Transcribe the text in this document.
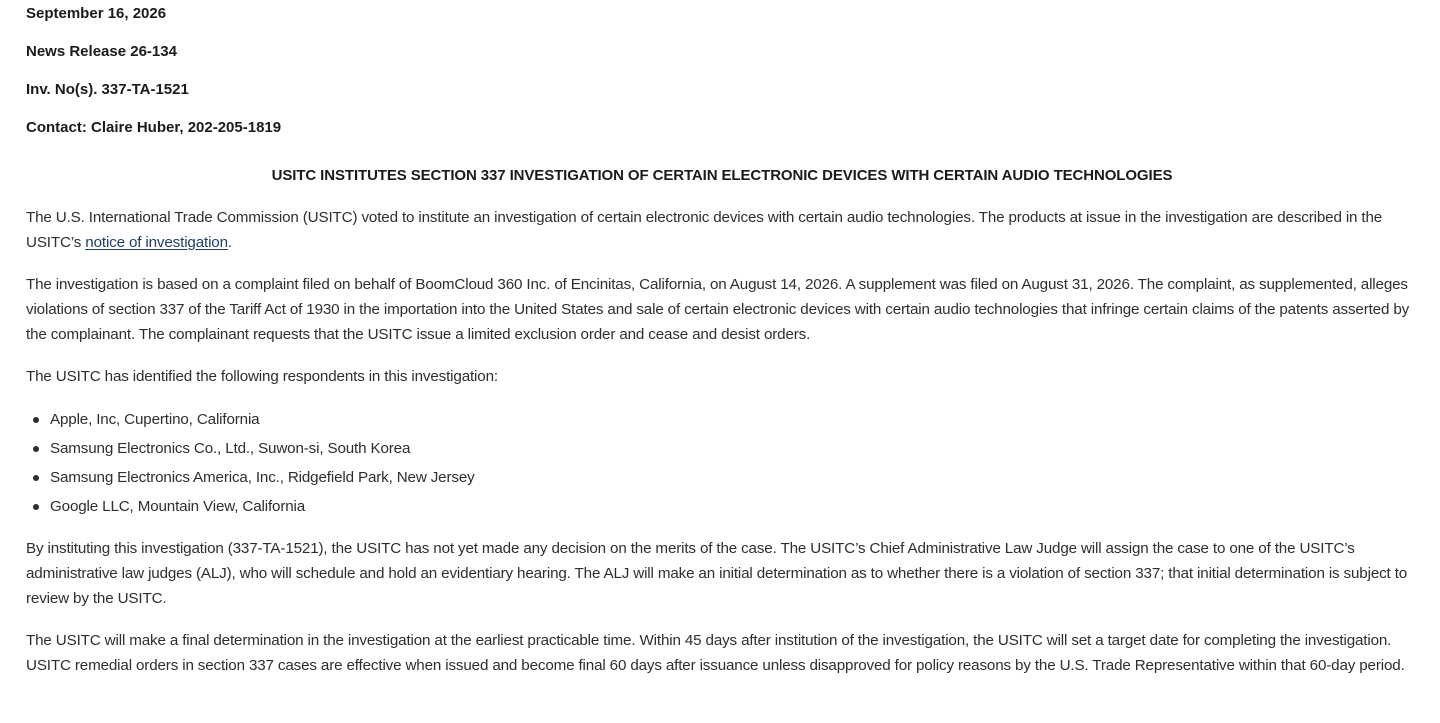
September 16, 2026

News Release 26-134

Inv. No(s). 337-TA-1521

Contact: Claire Huber, 202-205-1819

USITC INSTITUTES SECTION 337 INVESTIGATION OF CERTAIN ELECTRONIC DEVICES WITH CERTAIN AUDIO TECHNOLOGIES

The U.S. International Trade Commission (USITC) voted to institute an investigation of certain electronic devices with certain audio technologies. The products at issue in the investigation are described in the USITC’s notice of investigation.

The investigation is based on a complaint filed on behalf of BoomCloud 360 Inc. of Encinitas, California, on August 14, 2026. A supplement was filed on August 31, 2026. The complaint, as supplemented, alleges violations of section 337 of the Tariff Act of 1930 in the importation into the United States and sale of certain electronic devices with certain audio technologies that infringe certain claims of the patents asserted by the complainant. The complainant requests that the USITC issue a limited exclusion order and cease and desist orders.

The USITC has identified the following respondents in this investigation:

Apple, Inc, Cupertino, California
Samsung Electronics Co., Ltd., Suwon-si, South Korea
Samsung Electronics America, Inc., Ridgefield Park, New Jersey
Google LLC, Mountain View, California

By instituting this investigation (337-TA-1521), the USITC has not yet made any decision on the merits of the case. The USITC’s Chief Administrative Law Judge will assign the case to one of the USITC’s administrative law judges (ALJ), who will schedule and hold an evidentiary hearing. The ALJ will make an initial determination as to whether there is a violation of section 337; that initial determination is subject to review by the USITC.

The USITC will make a final determination in the investigation at the earliest practicable time. Within 45 days after institution of the investigation, the USITC will set a target date for completing the investigation. USITC remedial orders in section 337 cases are effective when issued and become final 60 days after issuance unless disapproved for policy reasons by the U.S. Trade Representative within that 60-day period.
